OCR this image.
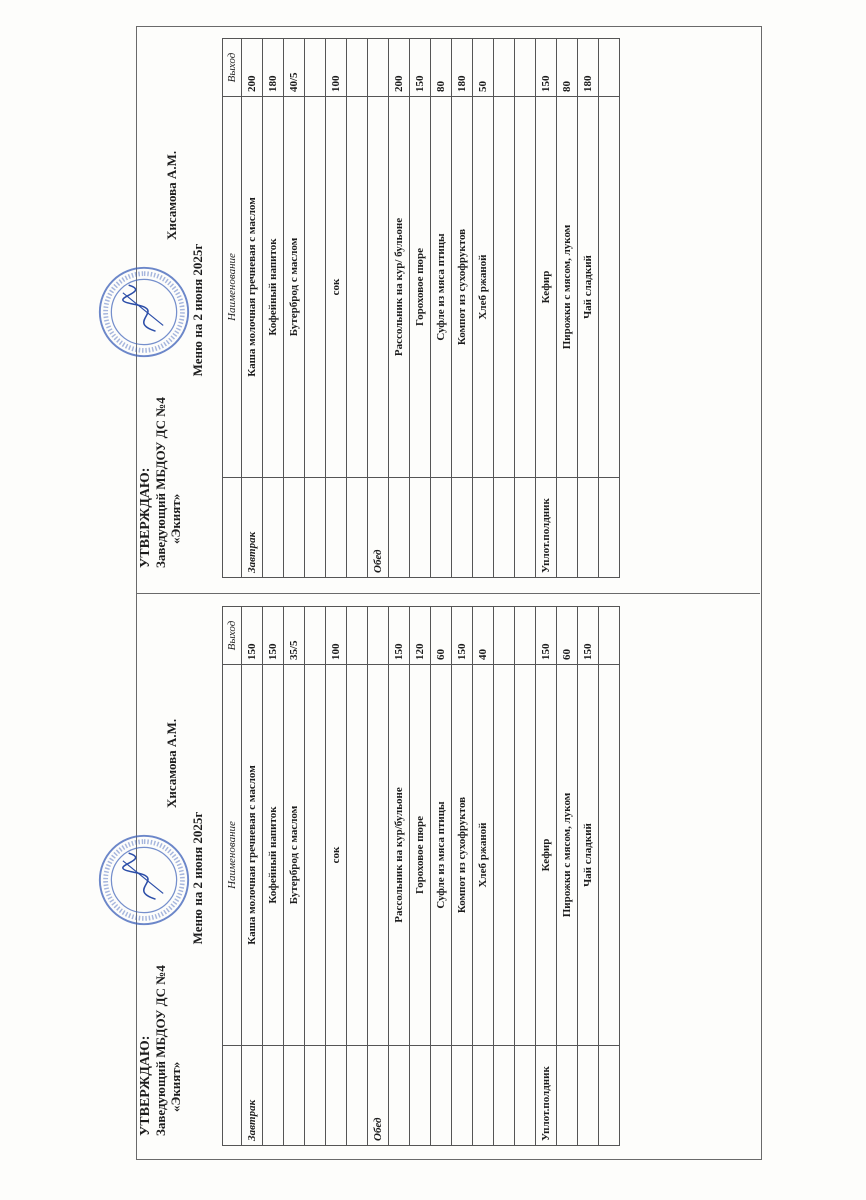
УТВЕРЖДАЮ: Заведующий МБДОУ ДС №4 «Экият»
Хисамова А.М.
Меню на 2 июня 2025г
	Наименование	Выход
Завтрак	Каша молочная гречневая с маслом	150
	Кофейный напиток	150
	Бутерброд с маслом	35/5

	сок	100

Обед		
	Рассольник на кур/бульоне	150
	Гороховое пюре	120
	Суфле из мяса птицы	60
	Компот из сухофруктов	150
	Хлеб ржаной	40

Уплот.полдник	Кефир	150
	Пирожки с мясом, луком	60
	Чай сладкий	150

УТВЕРЖДАЮ: Заведующий МБДОУ ДС №4 «Экият»
Хисамова А.М.
Меню на 2 июня 2025г
	Наименование	Выход
Завтрак	Каша молочная гречневая с маслом	200
	Кофейный напиток	180
	Бутерброд с маслом	40/5

	сок	100

Обед		
	Рассольник на кур/ бульоне	200
	Гороховое пюре	150
	Суфле из мяса птицы	80
	Компот из сухофруктов	180
	Хлеб ржаной	50

Уплот.полдник	Кефир	150
	Пирожки с мясом, луком	80
	Чай сладкий	180
